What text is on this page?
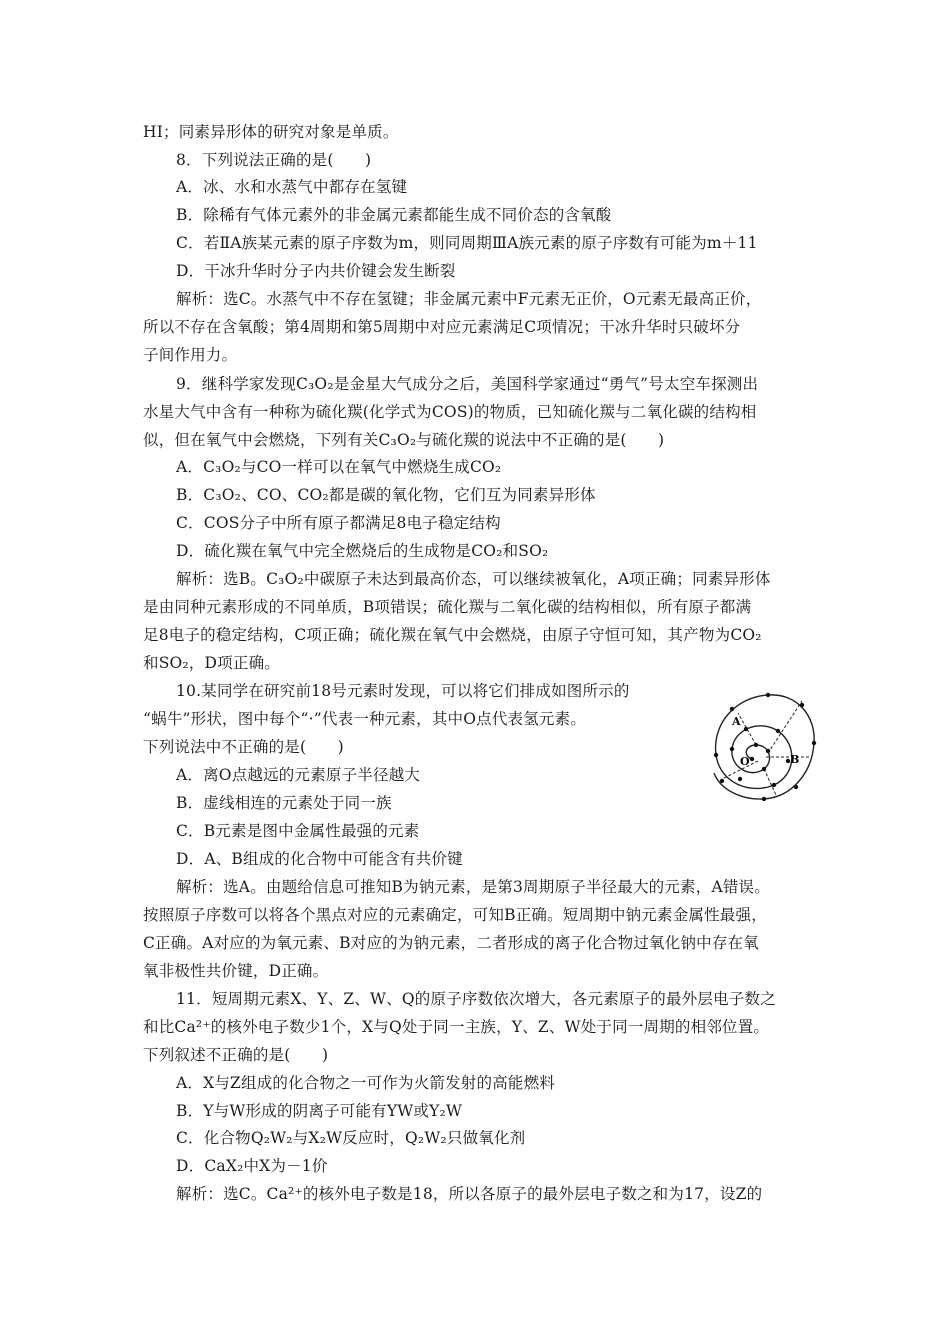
HI；同素异形体的研究对象是单质。
8．下列说法正确的是(　　)
A．冰、水和水蒸气中都存在氢键
B．除稀有气体元素外的非金属元素都能生成不同价态的含氧酸
C．若ⅡA族某元素的原子序数为m，则同周期ⅢA族元素的原子序数有可能为m＋11
D．干冰升华时分子内共价键会发生断裂
解析：选C。水蒸气中不存在氢键；非金属元素中F元素无正价，O元素无最高正价，
所以不存在含氧酸；第4周期和第5周期中对应元素满足C项情况；干冰升华时只破坏分
子间作用力。
9．继科学家发现C₃O₂是金星大气成分之后，美国科学家通过“勇气”号太空车探测出
水星大气中含有一种称为硫化羰(化学式为COS)的物质，已知硫化羰与二氧化碳的结构相
似，但在氧气中会燃烧，下列有关C₃O₂与硫化羰的说法中不正确的是(　　)
A．C₃O₂与CO一样可以在氧气中燃烧生成CO₂
B．C₃O₂、CO、CO₂都是碳的氧化物，它们互为同素异形体
C．COS分子中所有原子都满足8电子稳定结构
D．硫化羰在氧气中完全燃烧后的生成物是CO₂和SO₂
解析：选B。C₃O₂中碳原子未达到最高价态，可以继续被氧化，A项正确；同素异形体
是由同种元素形成的不同单质，B项错误；硫化羰与二氧化碳的结构相似，所有原子都满
足8电子的稳定结构，C项正确；硫化羰在氧气中会燃烧，由原子守恒可知，其产物为CO₂
和SO₂，D项正确。
10.某同学在研究前18号元素时发现，可以将它们排成如图所示的
“蜗牛”形状，图中每个“·”代表一种元素，其中O点代表氢元素。
下列说法中不正确的是(　　)
A．离O点越远的元素原子半径越大
B．虚线相连的元素处于同一族
C．B元素是图中金属性最强的元素
D．A、B组成的化合物中可能含有共价键
解析：选A。由题给信息可推知B为钠元素，是第3周期原子半径最大的元素，A错误。
按照原子序数可以将各个黑点对应的元素确定，可知B正确。短周期中钠元素金属性最强，
C正确。A对应的为氧元素、B对应的为钠元素，二者形成的离子化合物过氧化钠中存在氧
氧非极性共价键，D正确。
11．短周期元素X、Y、Z、W、Q的原子序数依次增大，各元素原子的最外层电子数之
和比Ca²⁺的核外电子数少1个，X与Q处于同一主族，Y、Z、W处于同一周期的相邻位置。
下列叙述不正确的是(　　)
A．X与Z组成的化合物之一可作为火箭发射的高能燃料
B．Y与W形成的阴离子可能有YW或Y₂W
C．化合物Q₂W₂与X₂W反应时，Q₂W₂只做氧化剂
D．CaX₂中X为－1价
解析：选C。Ca²⁺的核外电子数是18，所以各原子的最外层电子数之和为17，设Z的
A
O	B
